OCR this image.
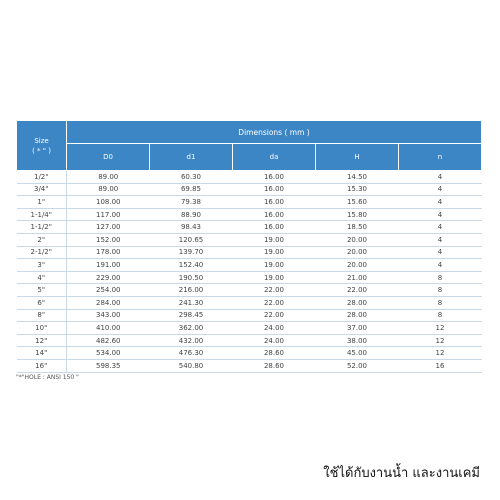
Size
( * " )	Dimensions ( mm )				
	D0	d1	da	H	n
1/2"	89.00	60.30	16.00	14.50	4
3/4"	89.00	69.85	16.00	15.30	4
1"	108.00	79.38	16.00	15.60	4
1-1/4"	117.00	88.90	16.00	15.80	4
1-1/2"	127.00	98.43	16.00	18.50	4
2"	152.00	120.65	19.00	20.00	4
2-1/2"	178.00	139.70	19.00	20.00	4
3"	191.00	152.40	19.00	20.00	4
4"	229.00	190.50	19.00	21.00	8
5"	254.00	216.00	22.00	22.00	8
6"	284.00	241.30	22.00	28.00	8
8"	343.00	298.45	22.00	28.00	8
10"	410.00	362.00	24.00	37.00	12
12"	482.60	432.00	24.00	38.00	12
14"	534.00	476.30	28.60	45.00	12
16"	598.35	540.80	28.60	52.00	16
"*"HOLE : ANSI 150 "
ใช้ได้กับงานน้ำ และงานเคมี
